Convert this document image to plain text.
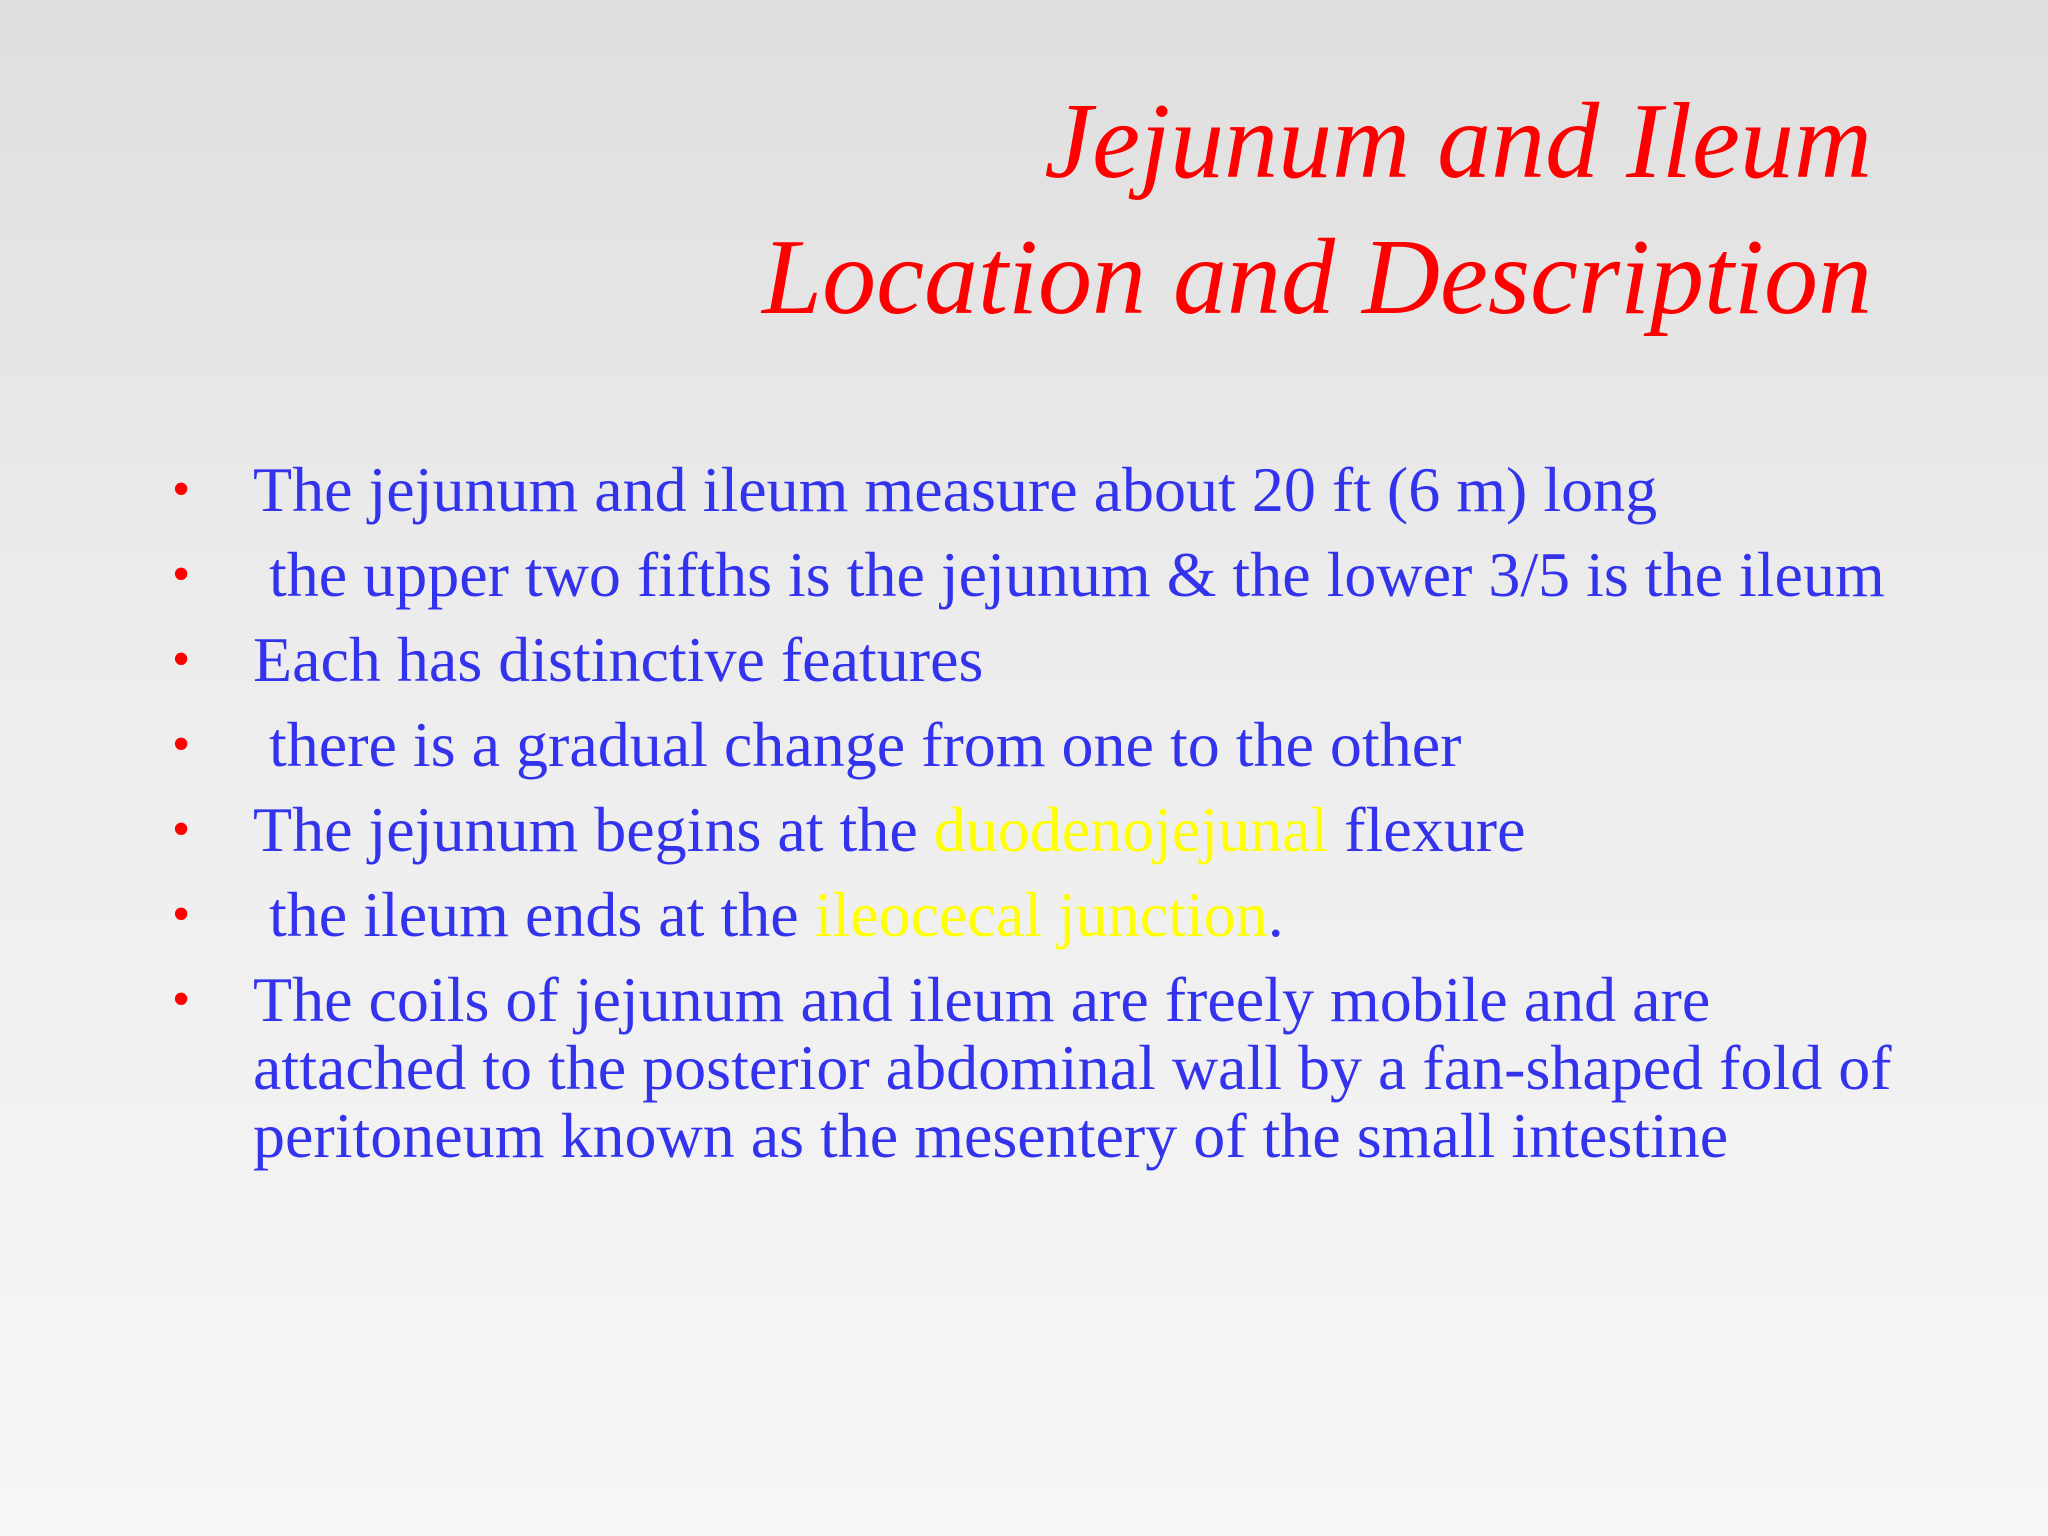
Jejunum and Ileum
Location and Description
• The jejunum and ileum measure about 20 ft (6 m) long
• the upper two fifths is the jejunum & the lower 3/5 is the ileum
• Each has distinctive features
• there is a gradual change from one to the other
• The jejunum begins at the duodenojejunal flexure
• the ileum ends at the ileocecal junction.
• The coils of jejunum and ileum are freely mobile and are attached to the posterior abdominal wall by a fan-shaped fold of peritoneum known as the mesentery of the small intestine
